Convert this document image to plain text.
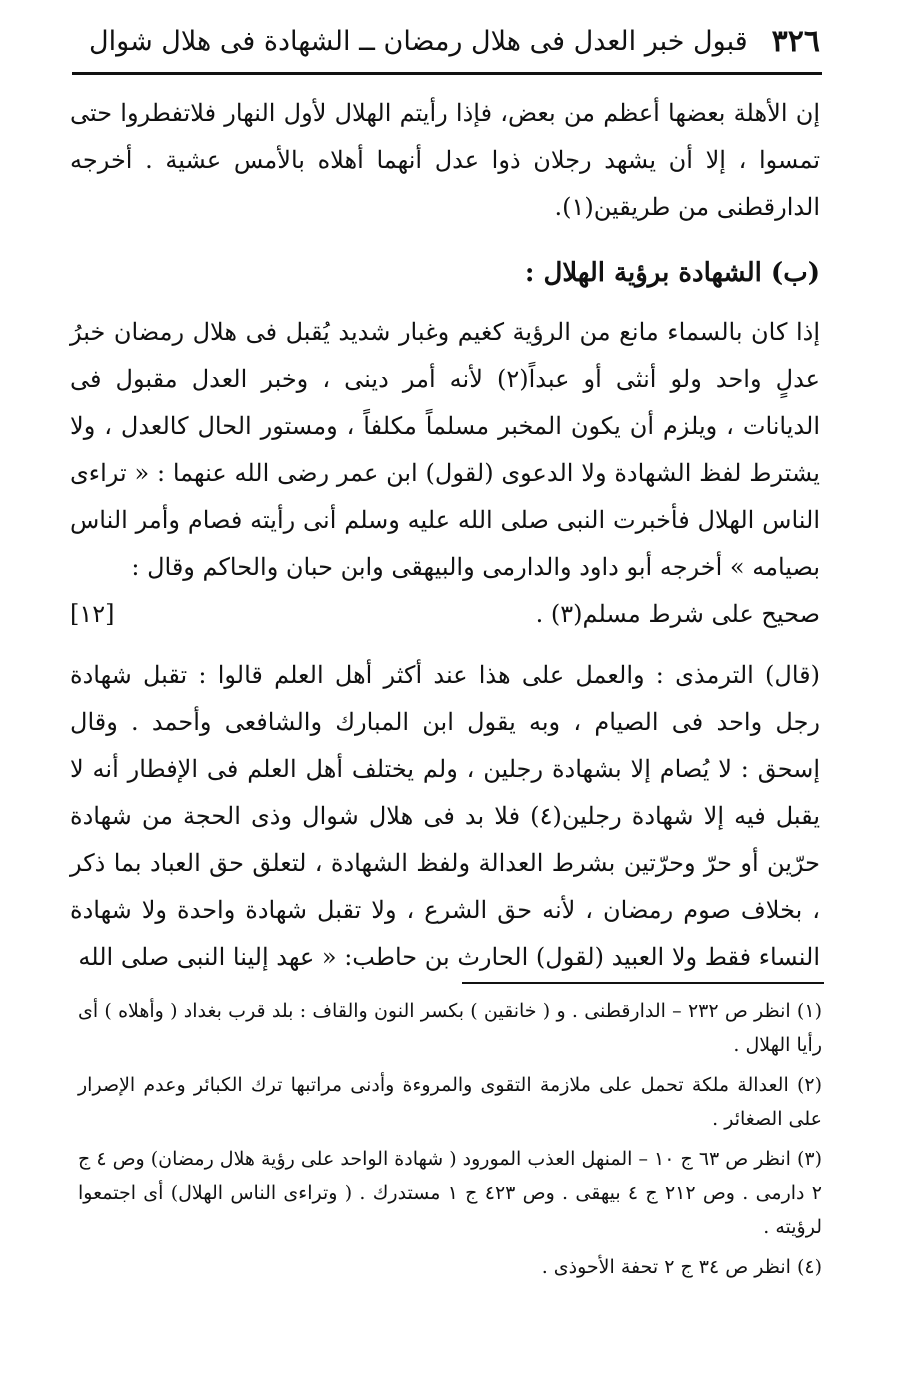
٣٢٦
قبول خبر العدل فى هلال رمضان ــ الشهادة فى هلال شوال

إن الأهلة بعضها أعظم من بعض، فإذا رأيتم الهلال لأول النهار فلاتفطروا حتى تمسوا ، إلا أن يشهد رجلان ذوا عدل أنهما أهلاه بالأمس عشية . أخرجه الدارقطنى من طريقين(١).

(ب) الشهادة برؤية الهلال :

إذا كان بالسماء مانع من الرؤية كغيم وغبار شديد يُقبل فى هلال رمضان خبرُ عدلٍ واحد ولو أنثى أو عبداً(٢) لأنه أمر دينى ، وخبر العدل مقبول فى الديانات ، ويلزم أن يكون المخبر مسلماً مكلفاً ، ومستور الحال كالعدل ، ولا يشترط لفظ الشهادة ولا الدعوى (لقول) ابن عمر رضى الله عنهما : « تراءى الناس الهلال فأخبرت النبى صلى الله عليه وسلم أنى رأيته فصام وأمر الناس بصيامه » أخرجه أبو داود والدارمى والبيهقى وابن حبان والحاكم وقال :

صحيح على شرط مسلم(٣) .
[١٢]

(قال) الترمذى : والعمل على هذا عند أكثر أهل العلم قالوا : تقبل شهادة رجل واحد فى الصيام ، وبه يقول ابن المبارك والشافعى وأحمد . وقال إسحق : لا يُصام إلا بشهادة رجلين ، ولم يختلف أهل العلم فى الإفطار أنه لا يقبل فيه إلا شهادة رجلين(٤) فلا بد فى هلال شوال وذى الحجة من شهادة حرّين أو حرّ وحرّتين بشرط العدالة ولفظ الشهادة ، لتعلق حق العباد بما ذكر ، بخلاف صوم رمضان ، لأنه حق الشرع ، ولا تقبل شهادة واحدة ولا شهادة النساء فقط ولا العبيد (لقول) الحارث بن حاطب: « عهد إلينا النبى صلى الله

(١) انظر ص ٢٣٢ – الدارقطنى . و ( خانقين ) بكسر النون والقاف : بلد قرب بغداد ( وأهلاه ) أى رأيا الهلال .

(٢) العدالة ملكة تحمل على ملازمة التقوى والمروءة وأدنى مراتبها ترك الكبائر وعدم الإصرار على الصغائر .

(٣) انظر ص ٦٣ ج ١٠ – المنهل العذب المورود ( شهادة الواحد على رؤية هلال رمضان) وص ٤ ج ٢ دارمى . وص ٢١٢ ج ٤ بيهقى . وص ٤٢٣ ج ١ مستدرك . ( وتراءى الناس الهلال) أى اجتمعوا لرؤيته .

(٤) انظر ص ٣٤ ج ٢ تحفة الأحوذى .
